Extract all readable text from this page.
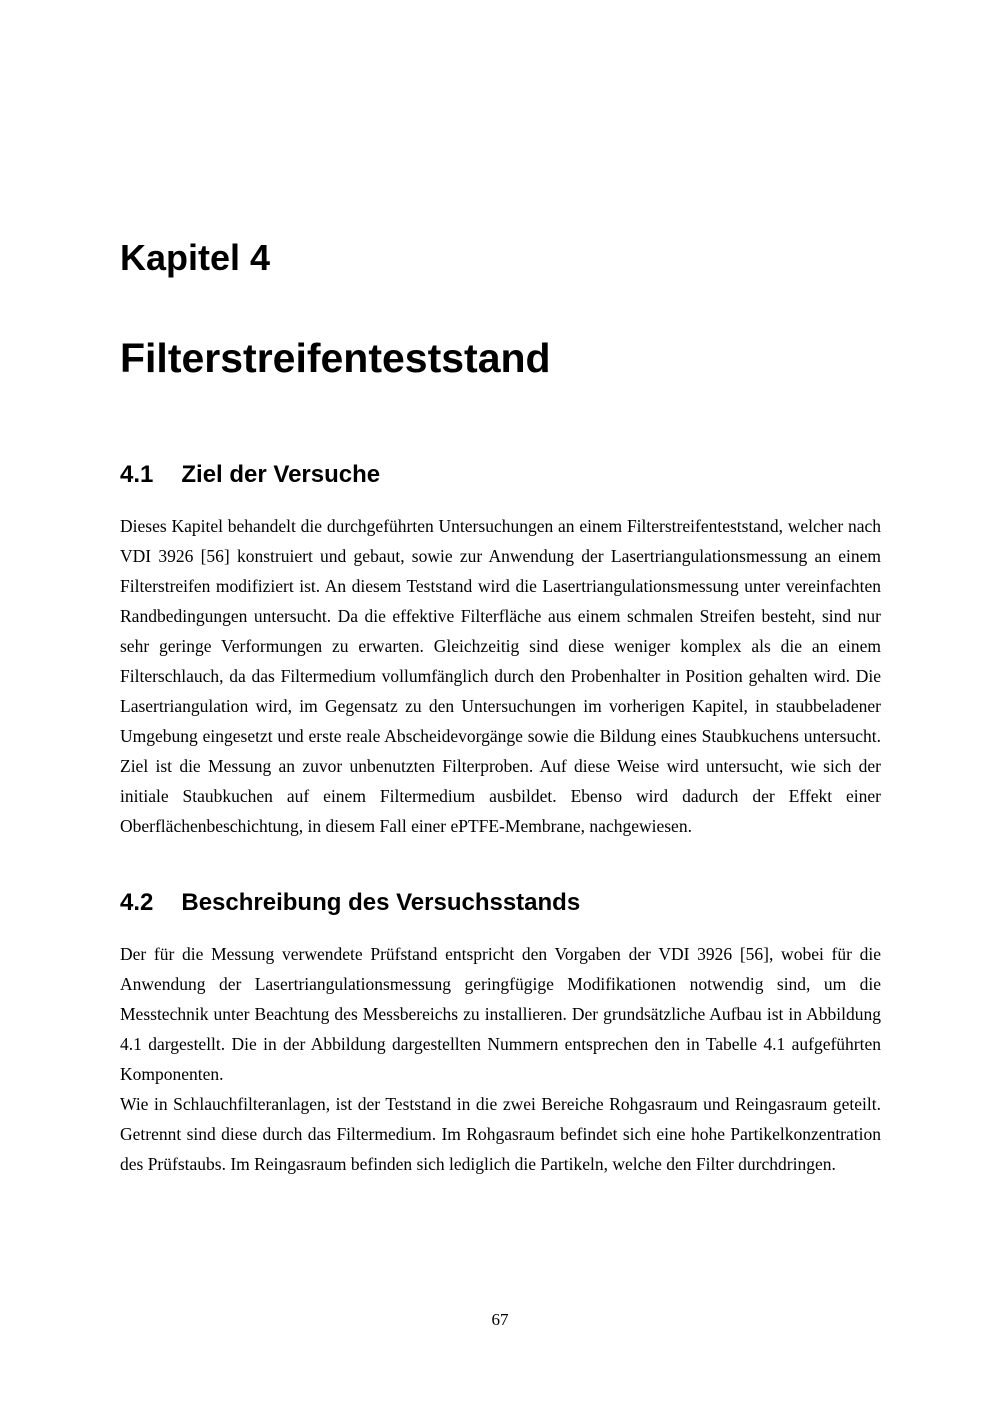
Kapitel 4
Filterstreifenteststand
4.1 Ziel der Versuche

Dieses Kapitel behandelt die durchgeführten Untersuchungen an einem Filterstreifenteststand, welcher nach VDI 3926 [56] konstruiert und gebaut, sowie zur Anwendung der Lasertriangulationsmessung an einem Filterstreifen modifiziert ist. An diesem Teststand wird die Lasertriangulationsmessung unter vereinfachten Randbedingungen untersucht. Da die effektive Filterfläche aus einem schmalen Streifen besteht, sind nur sehr geringe Verformungen zu erwarten. Gleichzeitig sind diese weniger komplex als die an einem Filterschlauch, da das Filtermedium vollumfänglich durch den Probenhalter in Position gehalten wird. Die Lasertriangulation wird, im Gegensatz zu den Untersuchungen im vorherigen Kapitel, in staubbeladener Umgebung eingesetzt und erste reale Abscheidevorgänge sowie die Bildung eines Staubkuchens untersucht. Ziel ist die Messung an zuvor unbenutzten Filterproben. Auf diese Weise wird untersucht, wie sich der initiale Staubkuchen auf einem Filtermedium ausbildet. Ebenso wird dadurch der Effekt einer Oberflächenbeschichtung, in diesem Fall einer ePTFE-Membrane, nachgewiesen.

4.2 Beschreibung des Versuchsstands

Der für die Messung verwendete Prüfstand entspricht den Vorgaben der VDI 3926 [56], wobei für die Anwendung der Lasertriangulationsmessung geringfügige Modifikationen notwendig sind, um die Messtechnik unter Beachtung des Messbereichs zu installieren. Der grundsätzliche Aufbau ist in Abbildung 4.1 dargestellt. Die in der Abbildung dargestellten Nummern entsprechen den in Tabelle 4.1 aufgeführten Komponenten.

Wie in Schlauchfilteranlagen, ist der Teststand in die zwei Bereiche Rohgasraum und Reingasraum geteilt. Getrennt sind diese durch das Filtermedium. Im Rohgasraum befindet sich eine hohe Partikelkonzentration des Prüfstaubs. Im Reingasraum befinden sich lediglich die Partikeln, welche den Filter durchdringen.

67
